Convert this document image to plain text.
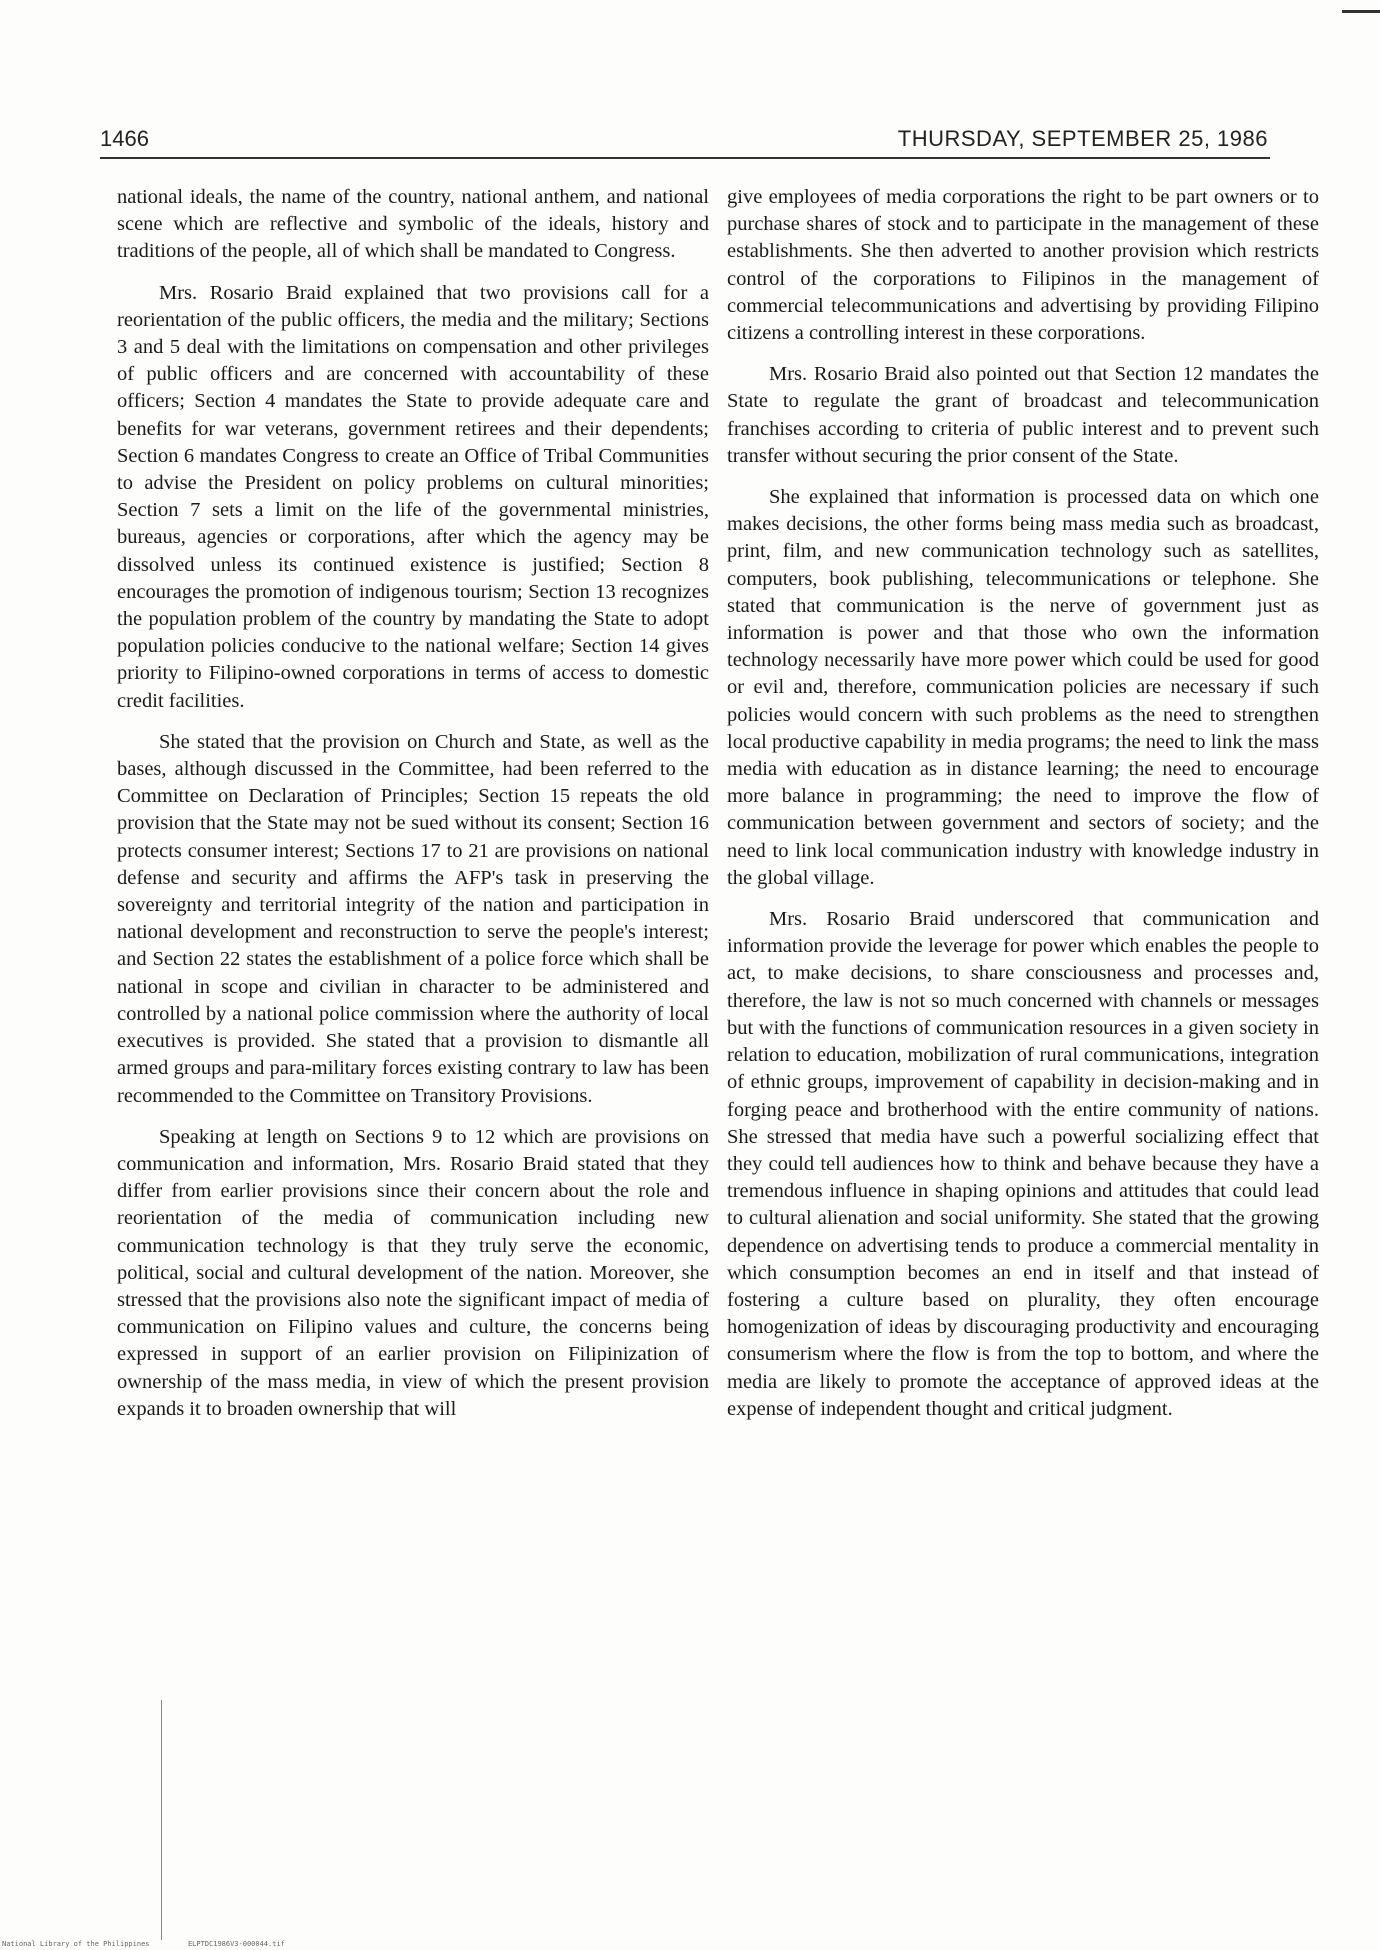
1466	THURSDAY, SEPTEMBER 25, 1986

national ideals, the name of the country, national anthem, and national scene which are reflective and symbolic of the ideals, history and traditions of the people, all of which shall be mandated to Congress.

Mrs. Rosario Braid explained that two provisions call for a reorientation of the public officers, the media and the military; Sections 3 and 5 deal with the limitations on compensation and other privileges of public officers and are concerned with accountability of these officers; Section 4 mandates the State to provide adequate care and benefits for war veterans, government retirees and their dependents; Section 6 mandates Congress to create an Office of Tribal Communities to advise the President on policy problems on cultural minorities; Section 7 sets a limit on the life of the governmental ministries, bureaus, agencies or corporations, after which the agency may be dissolved unless its continued existence is justified; Section 8 encourages the promotion of indigenous tourism; Section 13 recognizes the population problem of the country by mandating the State to adopt population policies conducive to the national welfare; Section 14 gives priority to Filipino-owned corporations in terms of access to domestic credit facilities.

She stated that the provision on Church and State, as well as the bases, although discussed in the Committee, had been referred to the Committee on Declaration of Principles; Section 15 repeats the old provision that the State may not be sued without its consent; Section 16 protects consumer interest; Sections 17 to 21 are provisions on national defense and security and affirms the AFP's task in preserving the sovereignty and territorial integrity of the nation and participation in national development and reconstruction to serve the people's interest; and Section 22 states the establishment of a police force which shall be national in scope and civilian in character to be administered and controlled by a national police commission where the authority of local executives is provided. She stated that a provision to dismantle all armed groups and para-military forces existing contrary to law has been recommended to the Committee on Transitory Provisions.

Speaking at length on Sections 9 to 12 which are provisions on communication and information, Mrs. Rosario Braid stated that they differ from earlier provisions since their concern about the role and reorientation of the media of communication including new communication technology is that they truly serve the economic, political, social and cultural development of the nation. Moreover, she stressed that the provisions also note the significant impact of media of communication on Filipino values and culture, the concerns being expressed in support of an earlier provision on Filipinization of ownership of the mass media, in view of which the present provision expands it to broaden ownership that will

give employees of media corporations the right to be part owners or to purchase shares of stock and to participate in the management of these establishments. She then adverted to another provision which restricts control of the corporations to Filipinos in the management of commercial telecommunications and advertising by providing Filipino citizens a controlling interest in these corporations.

Mrs. Rosario Braid also pointed out that Section 12 mandates the State to regulate the grant of broadcast and telecommunication franchises according to criteria of public interest and to prevent such transfer without securing the prior consent of the State.

She explained that information is processed data on which one makes decisions, the other forms being mass media such as broadcast, print, film, and new communication technology such as satellites, computers, book publishing, telecommunications or telephone. She stated that communication is the nerve of government just as information is power and that those who own the information technology necessarily have more power which could be used for good or evil and, therefore, communication policies are necessary if such policies would concern with such problems as the need to strengthen local productive capability in media programs; the need to link the mass media with education as in distance learning; the need to encourage more balance in programming; the need to improve the flow of communication between government and sectors of society; and the need to link local communication industry with knowledge industry in the global village.

Mrs. Rosario Braid underscored that communication and information provide the leverage for power which enables the people to act, to make decisions, to share consciousness and processes and, therefore, the law is not so much concerned with channels or messages but with the functions of communication resources in a given society in relation to education, mobilization of rural communications, integration of ethnic groups, improvement of capability in decision-making and in forging peace and brotherhood with the entire community of nations. She stressed that media have such a powerful socializing effect that they could tell audiences how to think and behave because they have a tremendous influence in shaping opinions and attitudes that could lead to cultural alienation and social uniformity. She stated that the growing dependence on advertising tends to produce a commercial mentality in which consumption becomes an end in itself and that instead of fostering a culture based on plurality, they often encourage homogenization of ideas by discouraging productivity and encouraging consumerism where the flow is from the top to bottom, and where the media are likely to promote the acceptance of approved ideas at the expense of independent thought and critical judgment.

National Library of the Philippines	ELPTDC1986V3-000044.tif
